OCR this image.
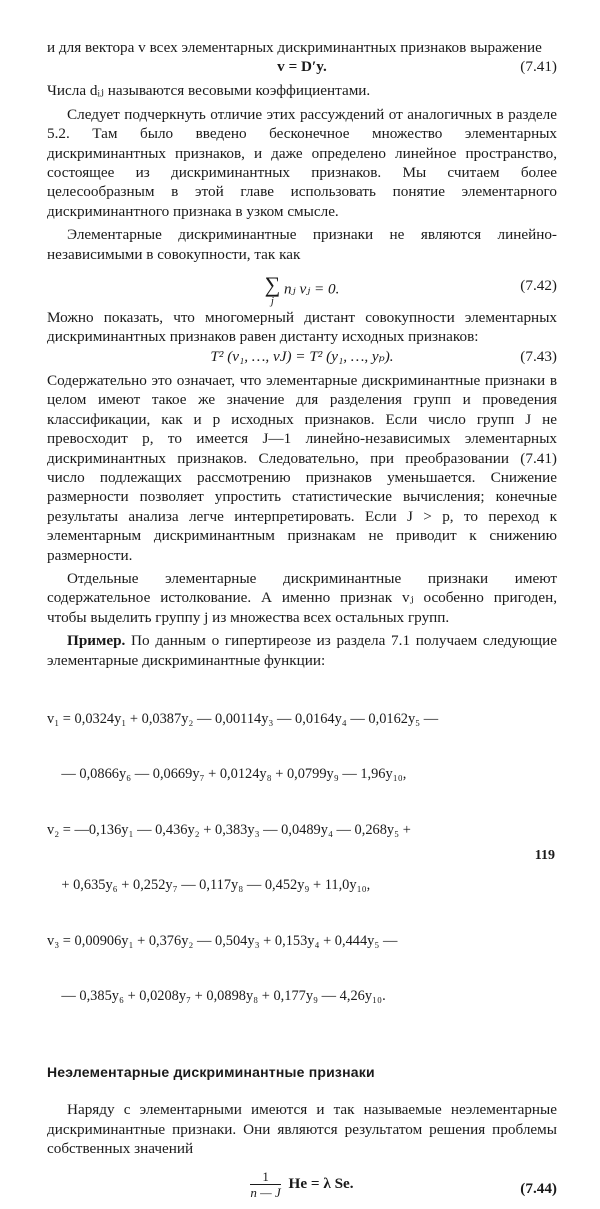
и для вектора v всех элементарных дискриминантных признаков выражение

v = D′y.	(7.41)

Числа dᵢⱼ называются весовыми коэффициентами.

Следует подчеркнуть отличие этих рассуждений от аналогичных в разделе 5.2. Там было введено бесконечное множество элементарных дискриминантных признаков, и даже определено линейное пространство, состоящее из дискриминантных признаков. Мы считаем более целесообразным в этой главе использовать понятие элементарного дискриминантного признака в узком смысле.

Элементарные дискриминантные признаки не являются линейно-независимыми в совокупности, так как

∑
j
nⱼ vⱼ = 0.	(7.42)

Можно показать, что многомерный дистант совокупности элементарных дискриминантных признаков равен дистанту исходных признаков:

T² (v₁, …, vJ) = T² (y₁, …, yₚ).	(7.43)

Содержательно это означает, что элементарные дискриминантные признаки в целом имеют такое же значение для разделения групп и проведения классификации, как и p исходных признаков. Если число групп J не превосходит p, то имеется J—1 линейно-независимых элементарных дискриминантных признаков. Следовательно, при преобразовании (7.41) число подлежащих рассмотрению признаков уменьшается. Снижение размерности позволяет упростить статистические вычисления; конечные результаты анализа легче интерпретировать. Если J > p, то переход к элементарным дискриминантным признакам не приводит к снижению размерности.

Отдельные элементарные дискриминантные признаки имеют содержательное истолкование. А именно признак vⱼ особенно пригоден, чтобы выделить группу j из множества всех остальных групп.

Пример. По данным о гипертиреозе из раздела 7.1 получаем следующие элементарные дискриминантные функции:

v₁ = 0,0324y₁ + 0,0387y₂ — 0,00114y₃ — 0,0164y₄ — 0,0162y₅ —

— 0,0866y₆ — 0,0669y₇ + 0,0124y₈ + 0,0799y₉ — 1,96y₁₀,

v₂ = —0,136y₁ — 0,436y₂ + 0,383y₃ — 0,0489y₄ — 0,268y₅ +

+ 0,635y₆ + 0,252y₇ — 0,117y₈ — 0,452y₉ + 11,0y₁₀,

v₃ = 0,00906y₁ + 0,376y₂ — 0,504y₃ + 0,153y₄ + 0,444y₅ —

— 0,385y₆ + 0,0208y₇ + 0,0898y₈ + 0,177y₉ — 4,26y₁₀.

Неэлементарные дискриминантные признаки

Наряду с элементарными имеются и так называемые неэлементарные дискриминантные признаки. Они являются результатом решения проблемы собственных значений

$\frac{1}{n — J}$ He = λ Se.	(7.44)
119
